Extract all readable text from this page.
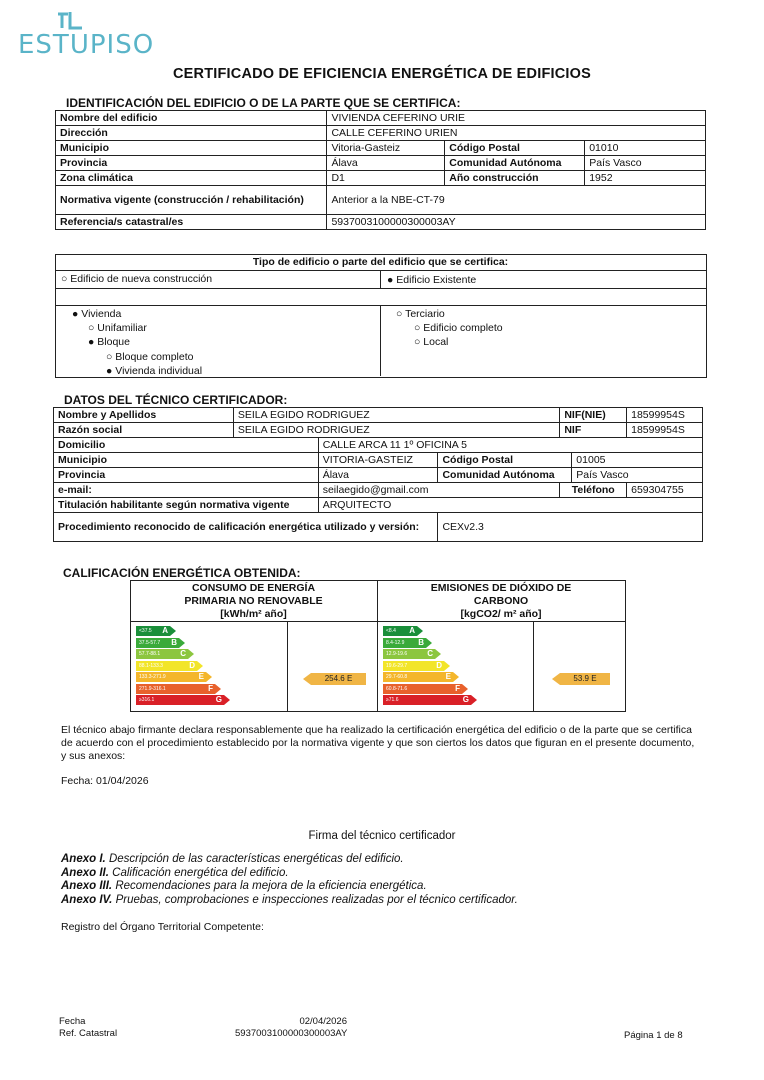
ESTUPISO
CERTIFICADO DE EFICIENCIA ENERGÉTICA DE EDIFICIOS
IDENTIFICACIÓN DEL EDIFICIO O DE LA PARTE QUE SE CERTIFICA:
Nombre del edificio	VIVIENDA CEFERINO URIE		
Dirección	CALLE CEFERINO URIEN		
Municipio	Vitoria-Gasteiz	Código Postal	01010
Provincia	Álava	Comunidad Autónoma	País Vasco
Zona climática	D1	Año construcción	1952
Normativa vigente (construcción / rehabilitación)	Anterior a la NBE-CT-79		
Referencia/s catastral/es	5937003100000300003AY		
Tipo de edificio o parte del edificio que se certifica:
○ Edificio de nueva construcción	● Edificio Existente
● Vivienda
○ Unifamiliar
● Bloque
○ Bloque completo
● Vivienda individual
○ Terciario
○ Edificio completo
○ Local
DATOS DEL TÉCNICO CERTIFICADOR:
Nombre y Apellidos	SEILA EGIDO RODRIGUEZ			NIF(NIE)		18599954S
Razón social	SEILA EGIDO RODRIGUEZ			NIF		18599954S
Domicilio		CALLE ARCA 11 1º OFICINA 5				
Municipio		VITORIA-GASTEIZ	Código Postal		01005	
Provincia		Álava	Comunidad Autónoma		País Vasco	
e-mail:		seilaegido@gmail.com		Teléfono		659304755
Titulación habilitante según normativa vigente		ARQUITECTO				
Procedimiento reconocido de calificación energética utilizado y versión:			CEXv2.3			
CALIFICACIÓN ENERGÉTICA OBTENIDA:
CONSUMO DE ENERGÍA PRIMARIA NO RENOVABLE
[kWh/m² año]
EMISIONES DE DIÓXIDO DE CARBONO
[kgCO2/ m² año]
<37.5 A
37.5-57.7 B
57.7-88.1	C
88.1-133.3	D
133.3-271.9	E
271.9-316.1	F
≥316.1	G
<8.4 A
8.4-12.9 B
12.9-19.6	C
19.6-29.7	D
29.7-60.8	E
60.8-71.6	F
≥71.6	G
254.6 E	53.9 E
El técnico abajo firmante declara responsablemente que ha realizado la certificación energética del edificio o de la parte que se certifica de acuerdo con el procedimiento establecido por la normativa vigente y que son ciertos los datos que figuran en el presente documento, y sus anexos:
Fecha: 01/04/2026
Firma del técnico certificador
Anexo I. Descripción de las características energéticas del edificio.
Anexo II. Calificación energética del edificio.
Anexo III. Recomendaciones para la mejora de la eficiencia energética.
Anexo IV. Pruebas, comprobaciones e inspecciones realizadas por el técnico certificador.
Registro del Órgano Territorial Competente:
Fecha
Ref. Catastral
02/04/2026
5937003100000300003AY	Página 1 de 8
